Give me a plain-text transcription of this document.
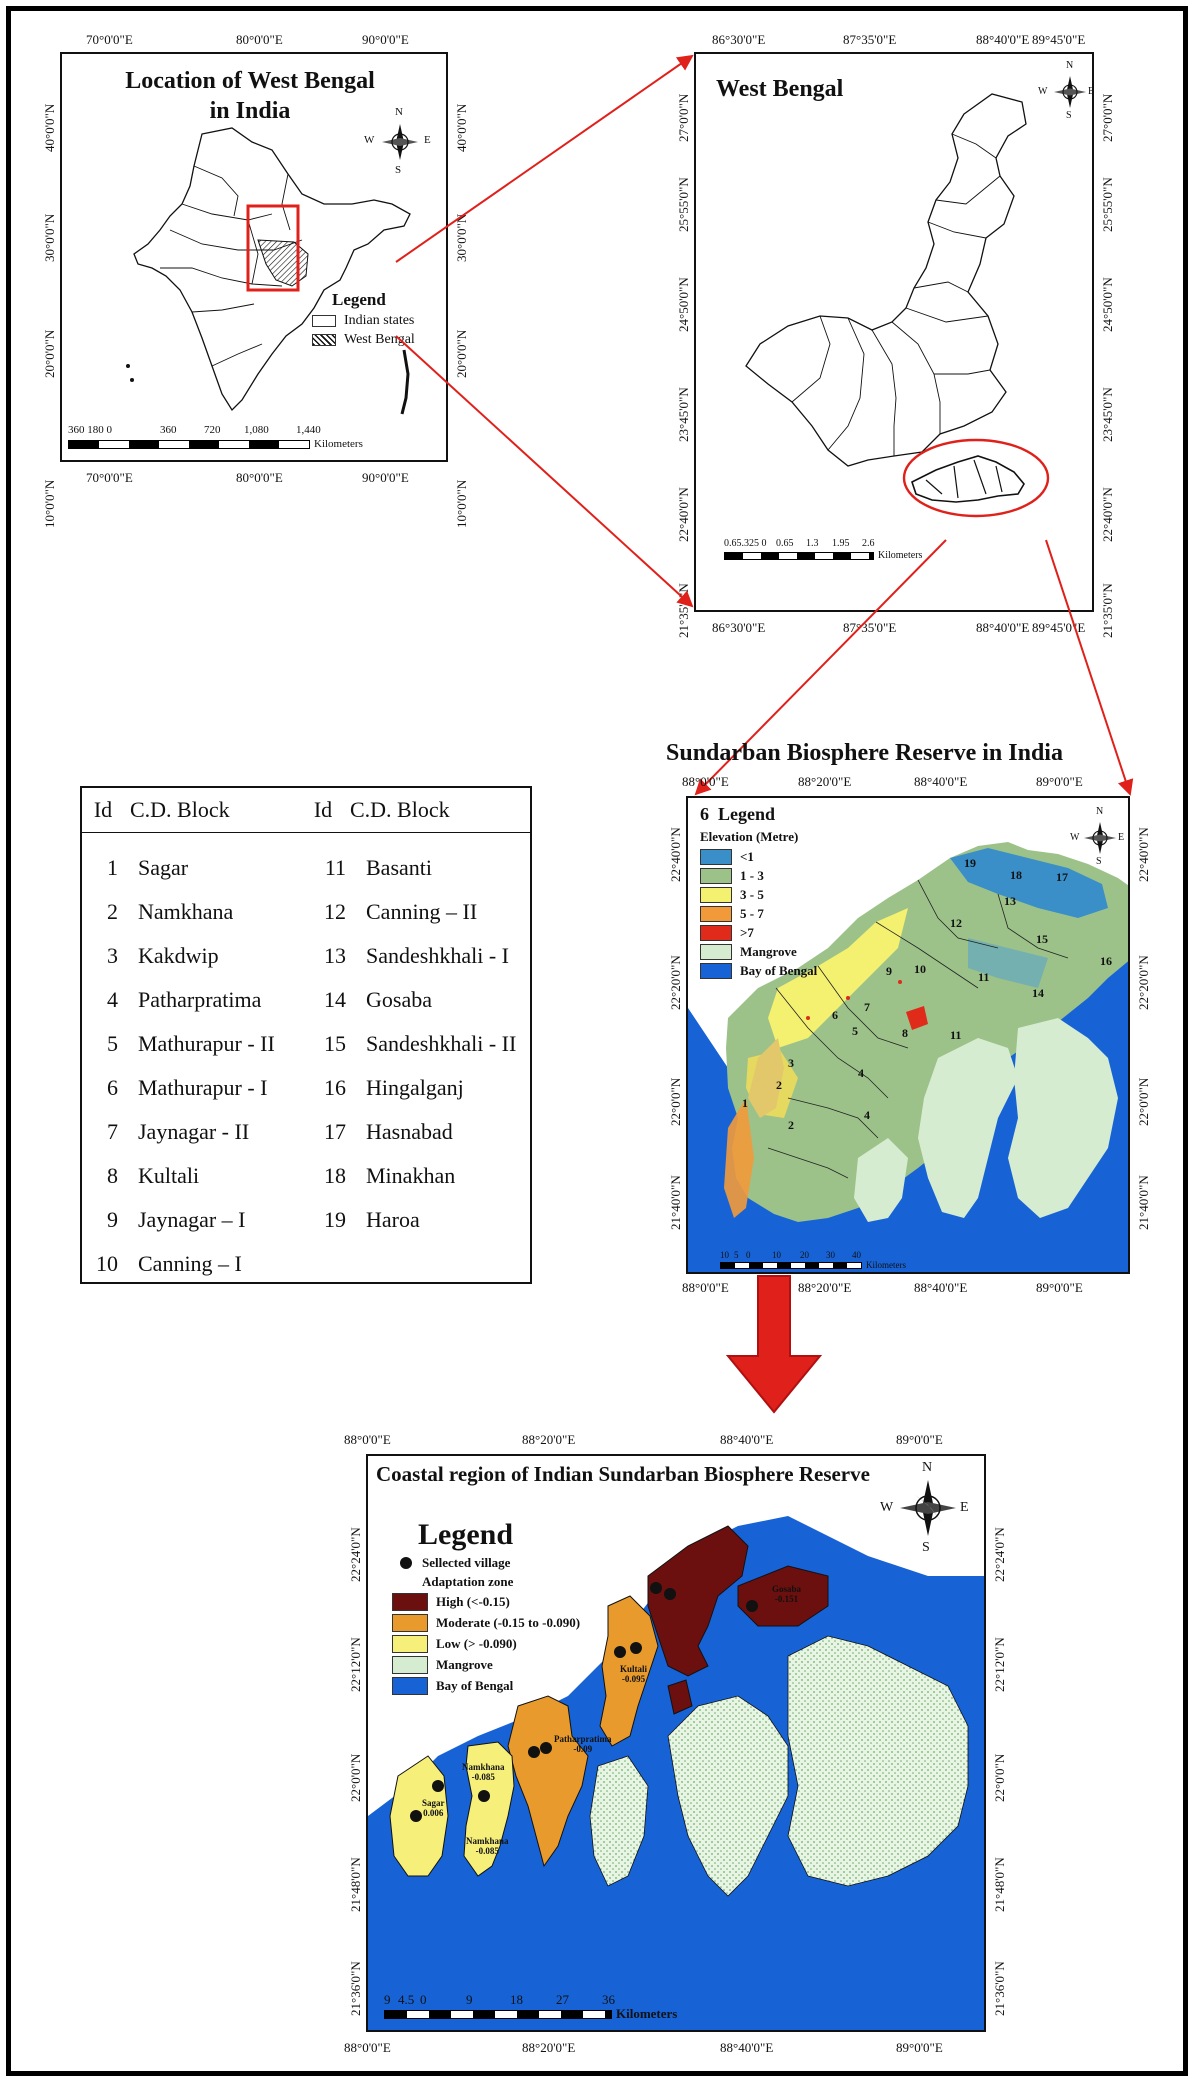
70°0'0"E	80°0'0"E	90°0'0"E
Location of West Bengal
in India	N
S
W	E
Legend
Indian states
West Bengal
360 180 0	360	720 1,080 1,440
Kilometers
70°0'0"E	80°0'0"E	90°0'0"E
40°0'0"N
30°0'0"N
20°0'0"N
10°0'0"N
40°0'0"N
30°0'0"N
20°0'0"N
10°0'0"N
86°30'0"E	87°35'0"E	88°40'0"E 89°45'0"E
West Bengal
N
S
W	E
0.65.325 0 0.65 1.3 1.95 2.6
Kilometers
86°30'0"E	87°35'0"E	88°40'0"E 89°45'0"E
27°0'0"N
25°55'0"N
24°50'0"N
23°45'0"N
22°40'0"N
21°35'0"N
27°0'0"N
25°55'0"N
24°50'0"N
23°45'0"N
22°40'0"N
21°35'0"N
Id	C.D. Block	Id	C.D. Block
1	Sagar	11	Basanti
2	Namkhana	12	Canning – II
3	Kakdwip	13	Sandeshkhali - I
4	Patharpratima	14	Gosaba
5	Mathurapur - II	15	Sandeshkhali - II
6	Mathurapur - I	16	Hingalganj
7	Jaynagar - II	17	Hasnabad
8	Kultali	18	Minakhan
9	Jaynagar – I	19	Haroa
10	Canning – I		
Sundarban Biosphere Reserve in India
88°0'0"E	88°20'0"E	88°40'0"E	89°0'0"E
19
18	17
13
12
15
16
10
11
14
9
7
6
5	8	11
3
4
2
1
2
4
6 Legend
Elevation (Metre)
<1
1 - 3
3 - 5
5 - 7
>7
Mangrove
Bay of Bengal
N
S
W	E
10 5 0 10 20 30 40
Kilometers
88°0'0"E	88°20'0"E	88°40'0"E	89°0'0"E
22°40'0"N
22°20'0"N
22°0'0"N
21°40'0"N
22°40'0"N
22°20'0"N
22°0'0"N
21°40'0"N
88°0'0"E	88°20'0"E	88°40'0"E	89°0'0"E
Coastal region of Indian Sundarban Biosphere Reserve
Kultali
-0.095
Gosaba
-0.151
Patharpratima
-0.09
Namkhana
-0.085
Sagar
0.006
Namkhana
-0.085
Legend
Sellected village
Adaptation zone
High (<-0.15)
Moderate (-0.15 to -0.090)
Low (> -0.090)
Mangrove
Bay of Bengal
N
S
W	E
9 4.5 0	9	18	27	36
Kilometers
88°0'0"E	88°20'0"E	88°40'0"E	89°0'0"E
22°24'0"N
22°12'0"N
22°0'0"N
21°48'0"N
21°36'0"N
22°24'0"N
22°12'0"N
22°0'0"N
21°48'0"N
21°36'0"N
